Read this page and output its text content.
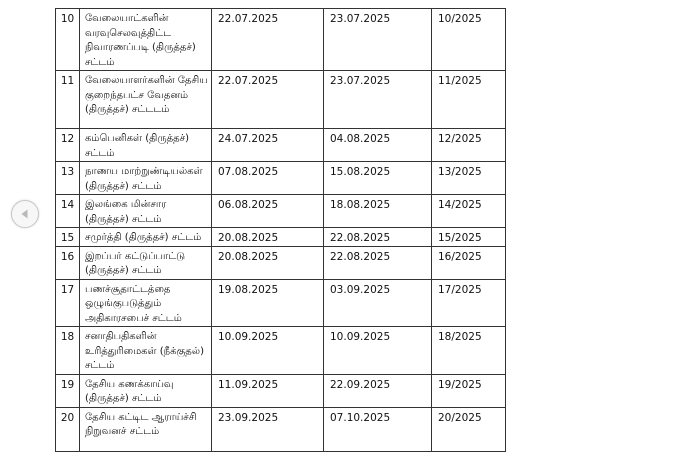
10	வேலையாட்களின் வரவுசெலவுத்திட்ட நிவாரணப்படி (திருத்தச்) சட்டம்	22.07.2025	23.07.2025	10/2025
11	வேலையாளர்களின் தேசிய குறைந்தபட்ச வேதனம் (திருத்தச்) சட்டடம்	22.07.2025	23.07.2025	11/2025
12	கம்பெனிகள் (திருத்தச்) சட்டம்	24.07.2025	04.08.2025	12/2025
13	நாணய மாற்றுண்டியல்கள் (திருத்தச்) சட்டம்	07.08.2025	15.08.2025	13/2025
14	இலங்கை மின்சார (திருத்தச்) சட்டம்	06.08.2025	18.08.2025	14/2025
15	சமுர்த்தி (திருத்தச்) சட்டம்	20.08.2025	22.08.2025	15/2025
16	இறப்பர் கட்டுப்பாட்டு (திருத்தச்) சட்டம்	20.08.2025	22.08.2025	16/2025
17	பணச்சூதாட்டத்தை ஒழுங்குபடுத்தும் அதிகாரசபைச் சட்டம்	19.08.2025	03.09.2025	17/2025
18	சனாதிபதிகளின் உரித்துரிமைகள் (நீக்குதல்) சட்டம்	10.09.2025	10.09.2025	18/2025
19	தேசிய கணக்காய்வு (திருத்தச்) சட்டம்	11.09.2025	22.09.2025	19/2025
20	தேசிய கட்டிட ஆராய்ச்சி நிறுவனச் சட்டம்	23.09.2025	07.10.2025	20/2025
